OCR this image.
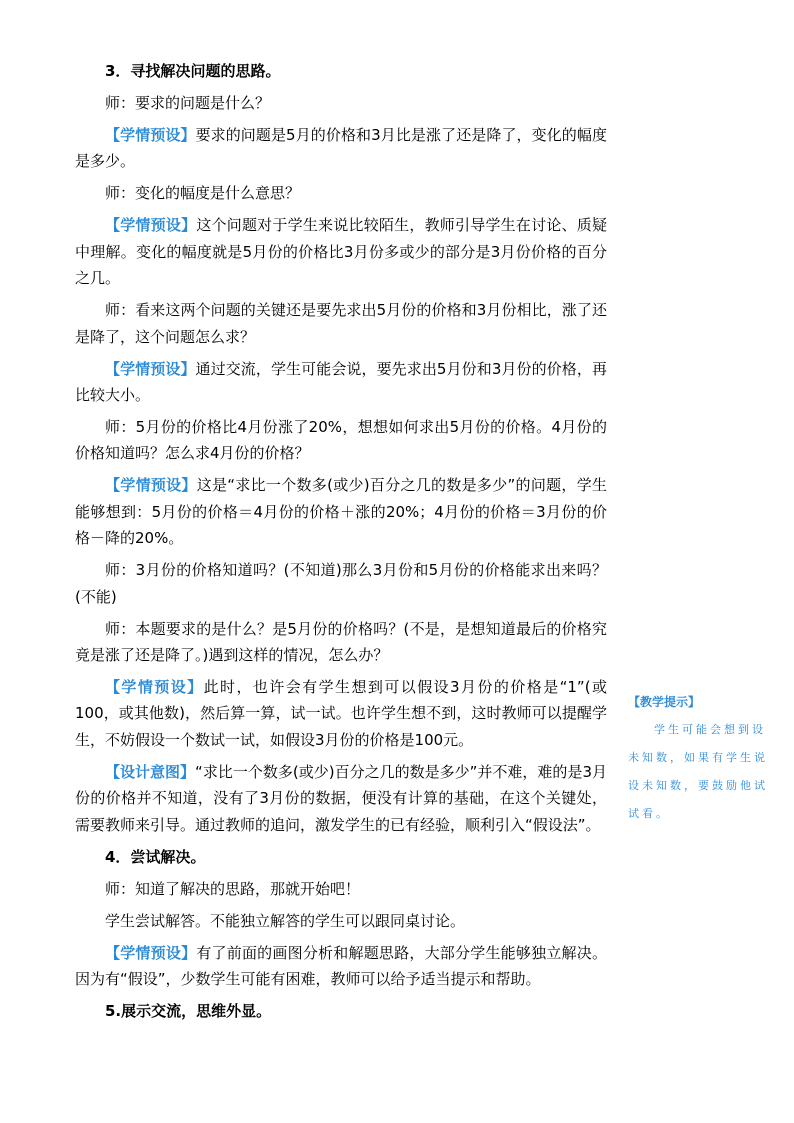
3．寻找解决问题的思路。

师：要求的问题是什么？

【学情预设】要求的问题是5月的价格和3月比是涨了还是降了，变化的幅度是多少。

师：变化的幅度是什么意思？

【学情预设】这个问题对于学生来说比较陌生，教师引导学生在讨论、质疑中理解。变化的幅度就是5月份的价格比3月份多或少的部分是3月份价格的百分之几。

师：看来这两个问题的关键还是要先求出5月份的价格和3月份相比，涨了还是降了，这个问题怎么求？

【学情预设】通过交流，学生可能会说，要先求出5月份和3月份的价格，再比较大小。

师：5月份的价格比4月份涨了20%，想想如何求出5月份的价格。4月份的价格知道吗？怎么求4月份的价格？

【学情预设】这是“求比一个数多(或少)百分之几的数是多少”的问题，学生能够想到：5月份的价格＝4月份的价格＋涨的20%；4月份的价格＝3月份的价格－降的20%。

师：3月份的价格知道吗？(不知道)那么3月份和5月份的价格能求出来吗？(不能)

师：本题要求的是什么？是5月份的价格吗？(不是，是想知道最后的价格究竟是涨了还是降了。)遇到这样的情况，怎么办？

【学情预设】此时，也许会有学生想到可以假设3月份的价格是“1”(或100，或其他数)，然后算一算，试一试。也许学生想不到，这时教师可以提醒学生，不妨假设一个数试一试，如假设3月份的价格是100元。

【设计意图】“求比一个数多(或少)百分之几的数是多少”并不难，难的是3月份的价格并不知道，没有了3月份的数据，便没有计算的基础，在这个关键处，需要教师来引导。通过教师的追问，激发学生的已有经验，顺利引入“假设法”。

4．尝试解决。

师：知道了解决的思路，那就开始吧！

学生尝试解答。不能独立解答的学生可以跟同桌讨论。

【学情预设】有了前面的画图分析和解题思路，大部分学生能够独立解决。因为有“假设”，少数学生可能有困难，教师可以给予适当提示和帮助。

5.展示交流，思维外显。

【教学提示】

学生可能会想到设未知数，如果有学生说设未知数，要鼓励他试试看。
